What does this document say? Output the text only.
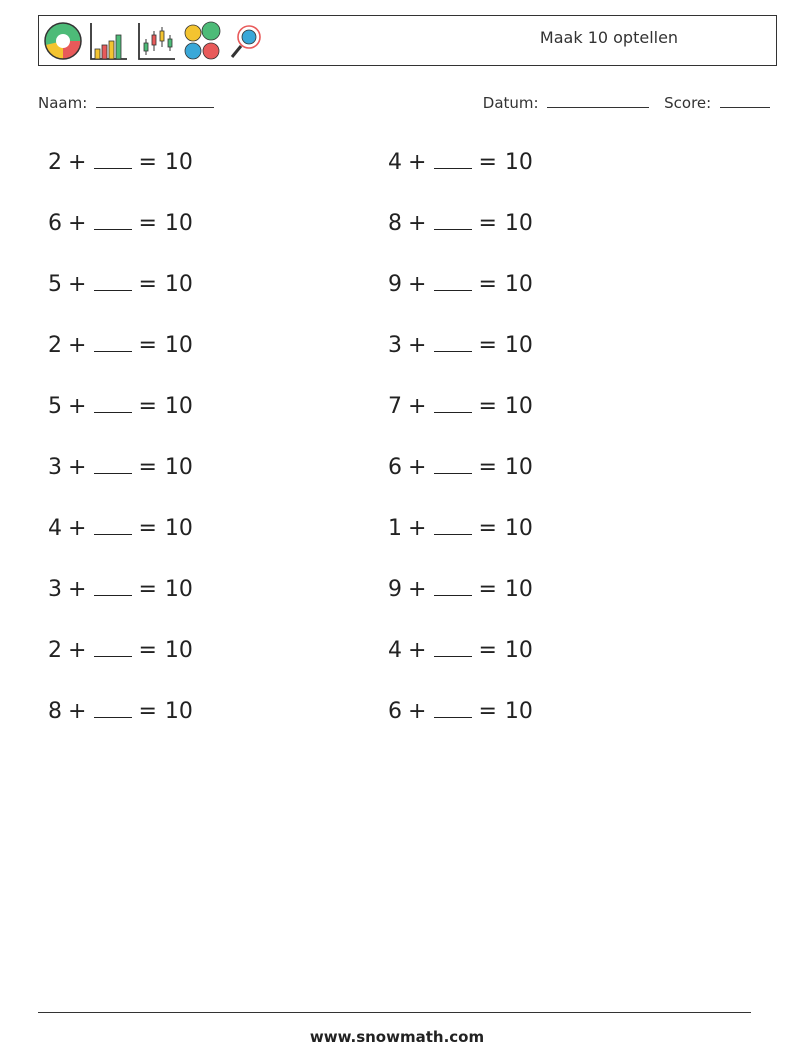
Maak 10 optellen
Naam:	Datum:	Score:
2 + = 10
6 + = 10
5 + = 10
2 + = 10
5 + = 10
3 + = 10
4 + = 10
3 + = 10
2 + = 10
8 + = 10
4 + = 10
8 + = 10
9 + = 10
3 + = 10
7 + = 10
6 + = 10
1 + = 10
9 + = 10
4 + = 10
6 + = 10
www.snowmath.com
